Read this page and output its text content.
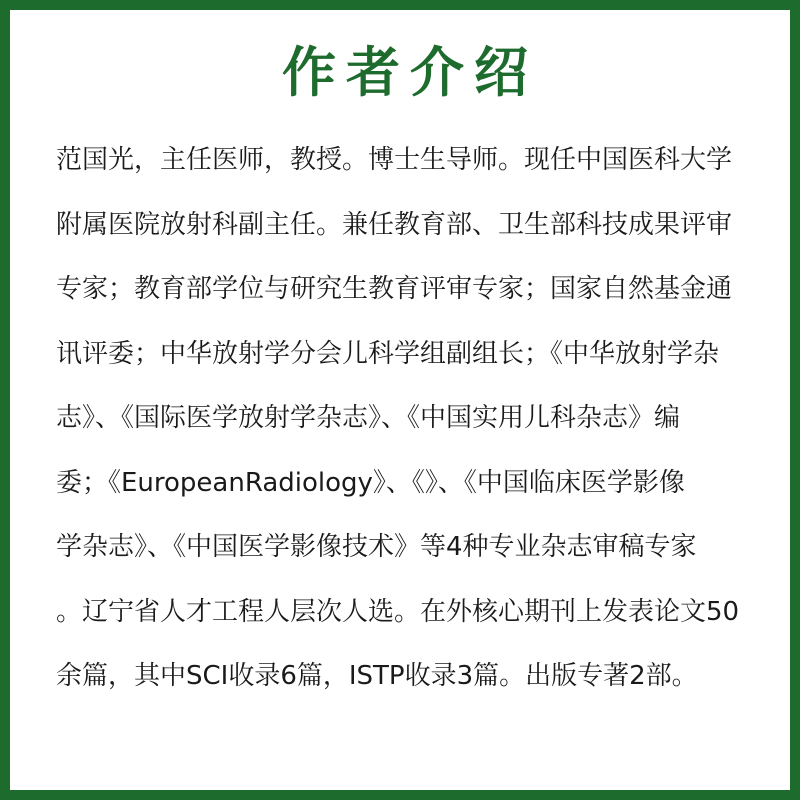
作者介绍
范国光，主任医师，教授。博士生导师。现任中国医科大学
附属医院放射科副主任。兼任教育部、卫生部科技成果评审
专家；教育部学位与研究生教育评审专家；国家自然基金通
讯评委；中华放射学分会儿科学组副组长；《中华放射学杂
志》、《国际医学放射学杂志》、《中国实用儿科杂志》编
委；《EuropeanRadiology》、《》、《中国临床医学影像
学杂志》、《中国医学影像技术》等4种专业杂志审稿专家
。辽宁省人才工程人层次人选。在外核心期刊上发表论文50
余篇，其中SCI收录6篇，ISTP收录3篇。出版专著2部。
